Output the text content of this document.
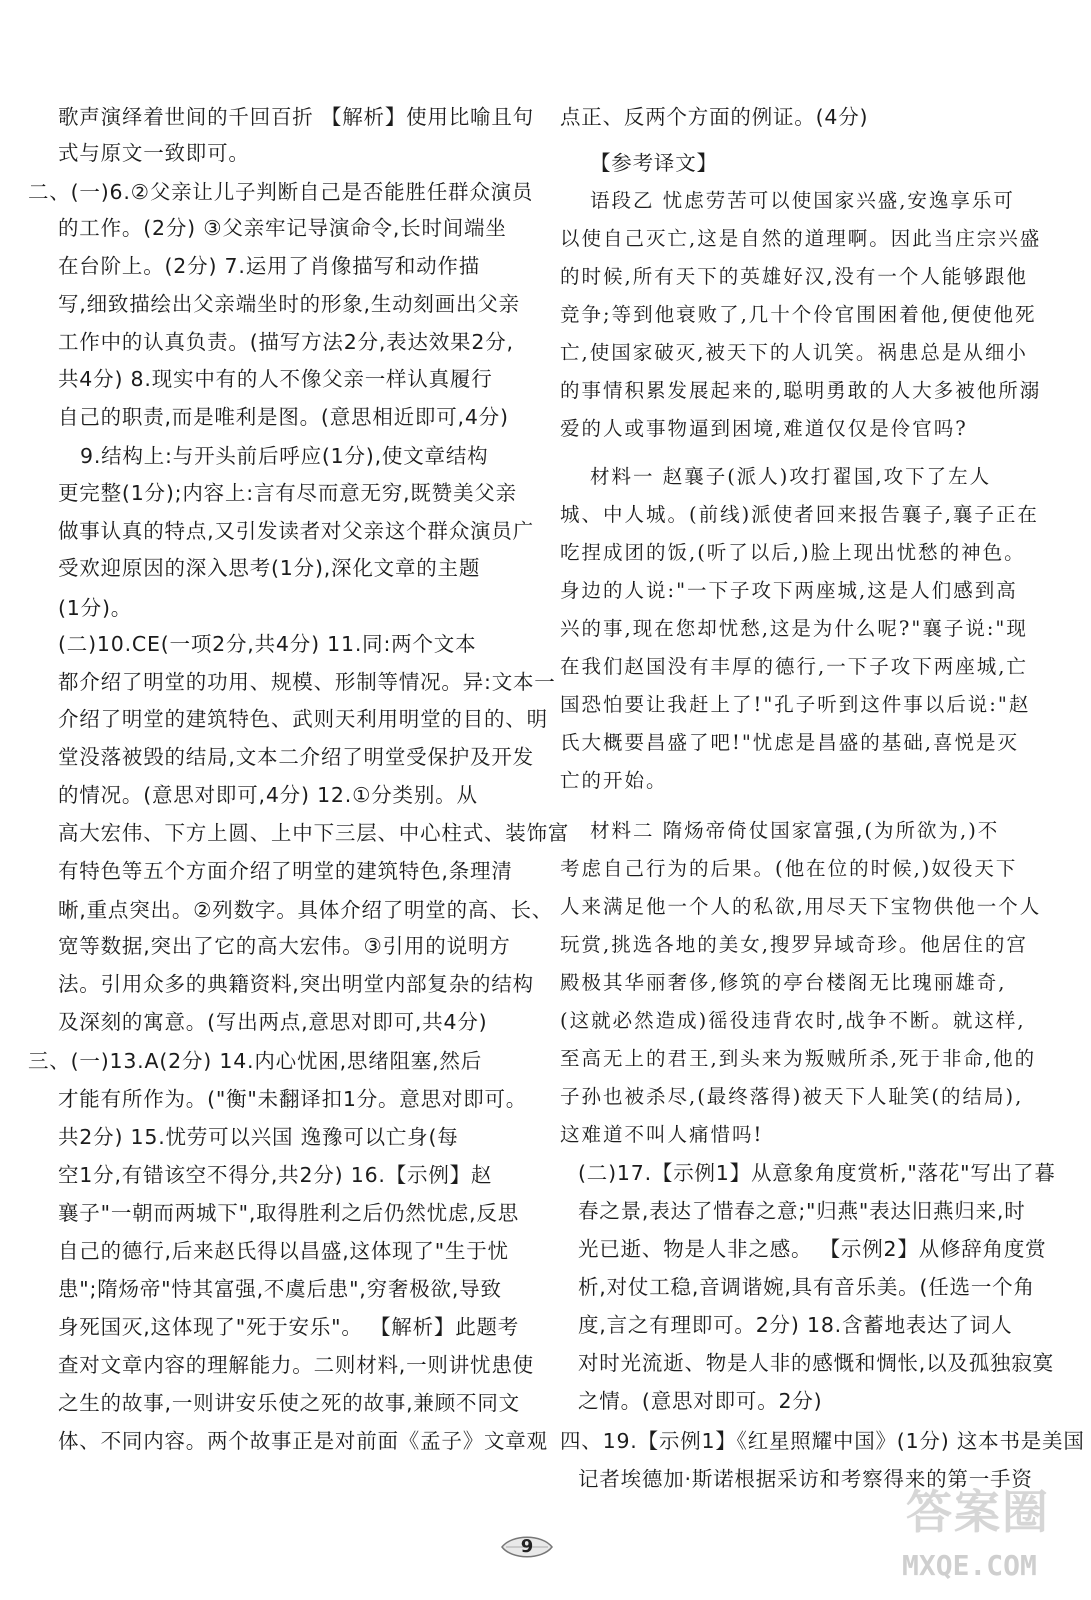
歌声演绎着世间的千回百折 【解析】使用比喻且句
式与原文一致即可。
二、(一)6.②父亲让儿子判断自己是否能胜任群众演员
的工作。(2分) ③父亲牢记导演命令,长时间端坐
在台阶上。(2分) 7.运用了肖像描写和动作描
写,细致描绘出父亲端坐时的形象,生动刻画出父亲
工作中的认真负责。(描写方法2分,表达效果2分,
共4分) 8.现实中有的人不像父亲一样认真履行
自己的职责,而是唯利是图。(意思相近即可,4分)
9.结构上:与开头前后呼应(1分),使文章结构
更完整(1分);内容上:言有尽而意无穷,既赞美父亲
做事认真的特点,又引发读者对父亲这个群众演员广
受欢迎原因的深入思考(1分),深化文章的主题
(1分)。
(二)10.CE(一项2分,共4分) 11.同:两个文本
都介绍了明堂的功用、规模、形制等情况。异:文本一
介绍了明堂的建筑特色、武则天利用明堂的目的、明
堂没落被毁的结局,文本二介绍了明堂受保护及开发
的情况。(意思对即可,4分) 12.①分类别。从
高大宏伟、下方上圆、上中下三层、中心柱式、装饰富
有特色等五个方面介绍了明堂的建筑特色,条理清
晰,重点突出。②列数字。具体介绍了明堂的高、长、
宽等数据,突出了它的高大宏伟。③引用的说明方
法。引用众多的典籍资料,突出明堂内部复杂的结构
及深刻的寓意。(写出两点,意思对即可,共4分)
三、(一)13.A(2分) 14.内心忧困,思绪阻塞,然后
才能有所作为。("衡"未翻译扣1分。意思对即可。
共2分) 15.忧劳可以兴国 逸豫可以亡身(每
空1分,有错该空不得分,共2分) 16.【示例】赵
襄子"一朝而两城下",取得胜利之后仍然忧虑,反思
自己的德行,后来赵氏得以昌盛,这体现了"生于忧
患";隋炀帝"恃其富强,不虞后患",穷奢极欲,导致
身死国灭,这体现了"死于安乐"。 【解析】此题考
查对文章内容的理解能力。二则材料,一则讲忧患使
之生的故事,一则讲安乐使之死的故事,兼顾不同文
体、不同内容。两个故事正是对前面《孟子》文章观
点正、反两个方面的例证。(4分)
【参考译文】
语段乙 忧虑劳苦可以使国家兴盛,安逸享乐可
以使自己灭亡,这是自然的道理啊。因此当庄宗兴盛
的时候,所有天下的英雄好汉,没有一个人能够跟他
竞争;等到他衰败了,几十个伶官围困着他,便使他死
亡,使国家破灭,被天下的人讥笑。祸患总是从细小
的事情积累发展起来的,聪明勇敢的人大多被他所溺
爱的人或事物逼到困境,难道仅仅是伶官吗?
材料一 赵襄子(派人)攻打翟国,攻下了左人
城、中人城。(前线)派使者回来报告襄子,襄子正在
吃捏成团的饭,(听了以后,)脸上现出忧愁的神色。
身边的人说:"一下子攻下两座城,这是人们感到高
兴的事,现在您却忧愁,这是为什么呢?"襄子说:"现
在我们赵国没有丰厚的德行,一下子攻下两座城,亡
国恐怕要让我赶上了!"孔子听到这件事以后说:"赵
氏大概要昌盛了吧!"忧虑是昌盛的基础,喜悦是灭
亡的开始。
材料二 隋炀帝倚仗国家富强,(为所欲为,)不
考虑自己行为的后果。(他在位的时候,)奴役天下
人来满足他一个人的私欲,用尽天下宝物供他一个人
玩赏,挑选各地的美女,搜罗异域奇珍。他居住的宫
殿极其华丽奢侈,修筑的亭台楼阁无比瑰丽雄奇,
(这就必然造成)徭役违背农时,战争不断。就这样,
至高无上的君王,到头来为叛贼所杀,死于非命,他的
子孙也被杀尽,(最终落得)被天下人耻笑(的结局),
这难道不叫人痛惜吗!
(二)17.【示例1】从意象角度赏析,"落花"写出了暮
春之景,表达了惜春之意;"归燕"表达旧燕归来,时
光已逝、物是人非之感。 【示例2】从修辞角度赏
析,对仗工稳,音调谐婉,具有音乐美。(任选一个角
度,言之有理即可。2分) 18.含蓄地表达了词人
对时光流逝、物是人非的感慨和惆怅,以及孤独寂寞
之情。(意思对即可。2分)
四、19.【示例1】《红星照耀中国》(1分) 这本书是美国
记者埃德加·斯诺根据采访和考察得来的第一手资
9
答案圈
MXQE.COM
